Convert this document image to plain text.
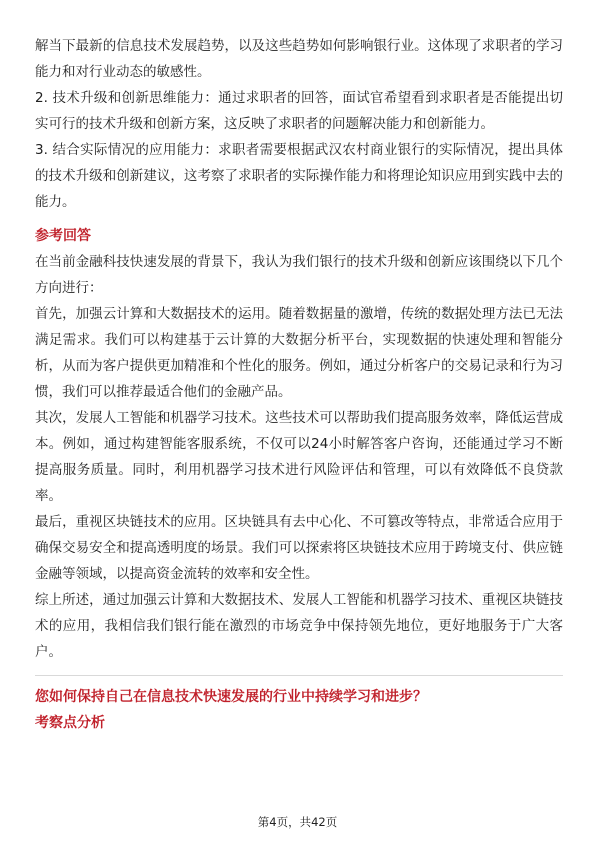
解当下最新的信息技术发展趋势，以及这些趋势如何影响银行业。这体现了求职者的学习能力和对行业动态的敏感性。

2. 技术升级和创新思维能力：通过求职者的回答，面试官希望看到求职者是否能提出切实可行的技术升级和创新方案，这反映了求职者的问题解决能力和创新能力。

3. 结合实际情况的应用能力：求职者需要根据武汉农村商业银行的实际情况，提出具体的技术升级和创新建议，这考察了求职者的实际操作能力和将理论知识应用到实践中去的能力。

参考回答

在当前金融科技快速发展的背景下，我认为我们银行的技术升级和创新应该围绕以下几个方向进行：

首先，加强云计算和大数据技术的运用。随着数据量的激增，传统的数据处理方法已无法满足需求。我们可以构建基于云计算的大数据分析平台，实现数据的快速处理和智能分析，从而为客户提供更加精准和个性化的服务。例如，通过分析客户的交易记录和行为习惯，我们可以推荐最适合他们的金融产品。

其次，发展人工智能和机器学习技术。这些技术可以帮助我们提高服务效率，降低运营成本。例如，通过构建智能客服系统，不仅可以24小时解答客户咨询，还能通过学习不断提高服务质量。同时，利用机器学习技术进行风险评估和管理，可以有效降低不良贷款率。

最后，重视区块链技术的应用。区块链具有去中心化、不可篡改等特点，非常适合应用于确保交易安全和提高透明度的场景。我们可以探索将区块链技术应用于跨境支付、供应链金融等领域，以提高资金流转的效率和安全性。

综上所述，通过加强云计算和大数据技术、发展人工智能和机器学习技术、重视区块链技术的应用，我相信我们银行能在激烈的市场竞争中保持领先地位，更好地服务于广大客户。

您如何保持自己在信息技术快速发展的行业中持续学习和进步？

考察点分析

第4页，共42页
